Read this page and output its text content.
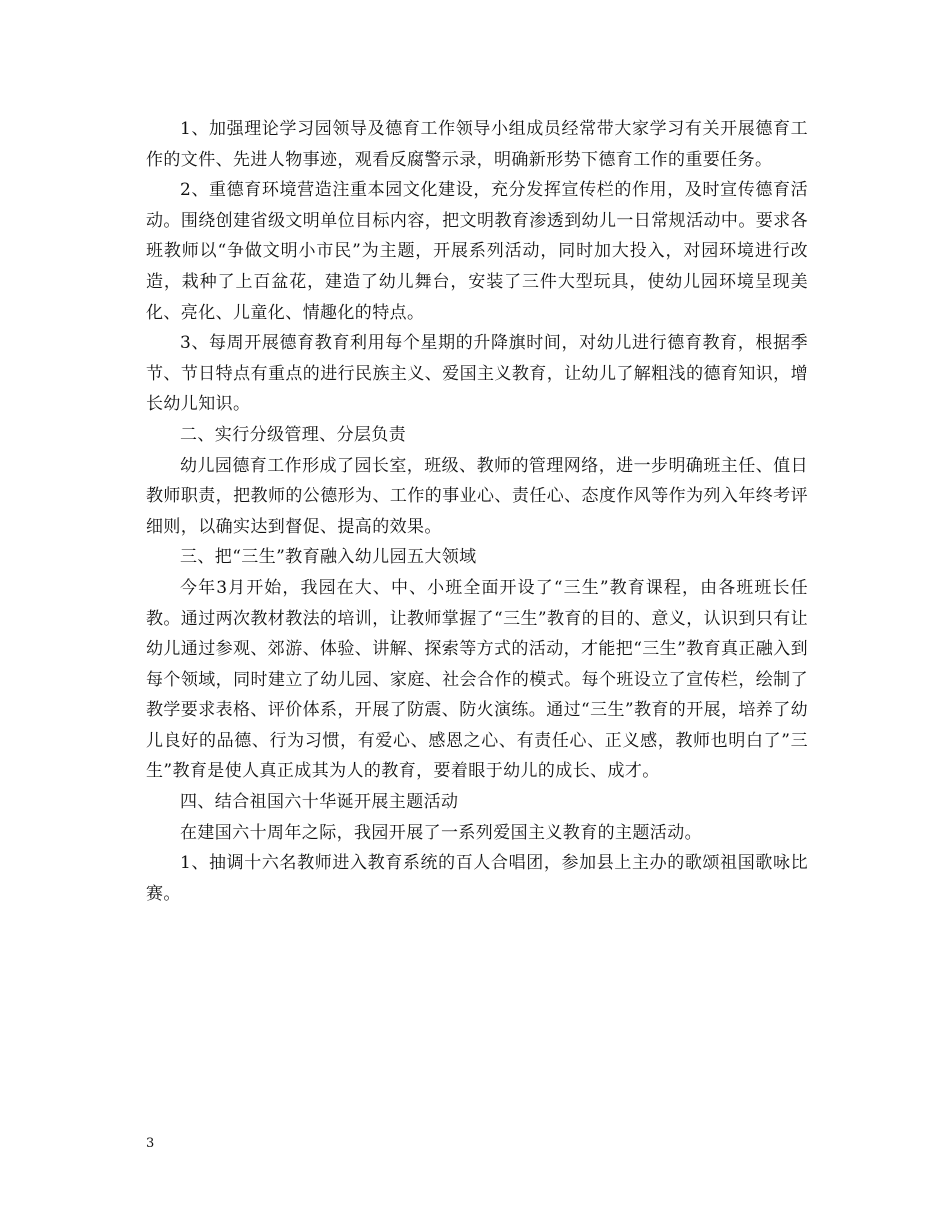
1、加强理论学习园领导及德育工作领导小组成员经常带大家学习有关开展德育工作的文件、先进人物事迹，观看反腐警示录，明确新形势下德育工作的重要任务。

2、重德育环境营造注重本园文化建设，充分发挥宣传栏的作用，及时宣传德育活动。围绕创建省级文明单位目标内容，把文明教育渗透到幼儿一日常规活动中。要求各班教师以“争做文明小市民”为主题，开展系列活动，同时加大投入，对园环境进行改造，栽种了上百盆花，建造了幼儿舞台，安装了三件大型玩具，使幼儿园环境呈现美化、亮化、儿童化、情趣化的特点。

3、每周开展德育教育利用每个星期的升降旗时间，对幼儿进行德育教育，根据季节、节日特点有重点的进行民族主义、爱国主义教育，让幼儿了解粗浅的德育知识，增长幼儿知识。

二、实行分级管理、分层负责

幼儿园德育工作形成了园长室，班级、教师的管理网络，进一步明确班主任、值日教师职责，把教师的公德形为、工作的事业心、责任心、态度作风等作为列入年终考评细则，以确实达到督促、提高的效果。

三、把“三生”教育融入幼儿园五大领域

今年3月开始，我园在大、中、小班全面开设了“三生”教育课程，由各班班长任教。通过两次教材教法的培训，让教师掌握了“三生”教育的目的、意义，认识到只有让幼儿通过参观、郊游、体验、讲解、探索等方式的活动，才能把“三生”教育真正融入到每个领域，同时建立了幼儿园、家庭、社会合作的模式。每个班设立了宣传栏，绘制了教学要求表格、评价体系，开展了防震、防火演练。通过“三生”教育的开展，培养了幼儿良好的品德、行为习惯，有爱心、感恩之心、有责任心、正义感，教师也明白了”三生”教育是使人真正成其为人的教育，要着眼于幼儿的成长、成才。

四、结合祖国六十华诞开展主题活动

在建国六十周年之际，我园开展了一系列爱国主义教育的主题活动。

1、抽调十六名教师进入教育系统的百人合唱团，参加县上主办的歌颂祖国歌咏比赛。

3
